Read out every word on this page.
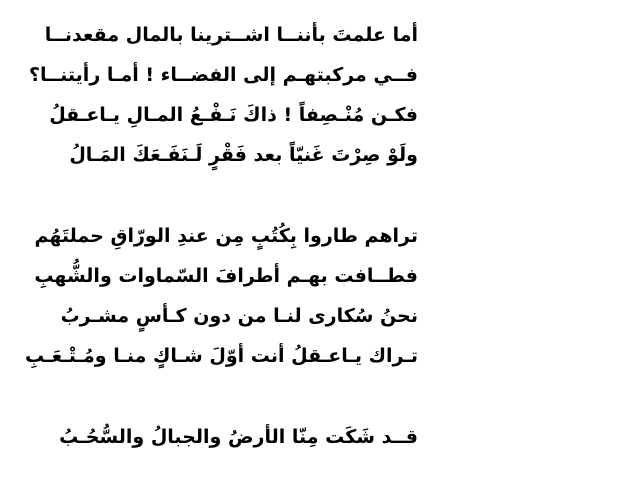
أما علمتَ بأننــا اشــترينا بالمال مقعدنــا
فــي مركبتهـم إلى الفضــاء ! أمـا رأيتنــا؟
فكـن مُنْـصِفاً ! ذاكَ نَـفْـعُ المـالِ يـاعـقلُ
ولَوْ صِرْتَ غَنيّاً بعد فَقْرٍ لَـنَفَـعَكَ المَـالُ
تراهم طاروا بِكُتُبٍ مِن عندِ الورّاقِ حملتَهُم
فطــافت بهـم أطرافَ السّماوات والشُّهبِ
نحنُ سُكارى لنـا من دون كـأسٍ مشـربُ
تـراك يـاعـقلُ أنت أوّلَ شـاكٍ منـا ومُـتْـعَـبِ
قــد شَكَت مِنّا الأرضُ والجبالُ والسُّحُـبُ
